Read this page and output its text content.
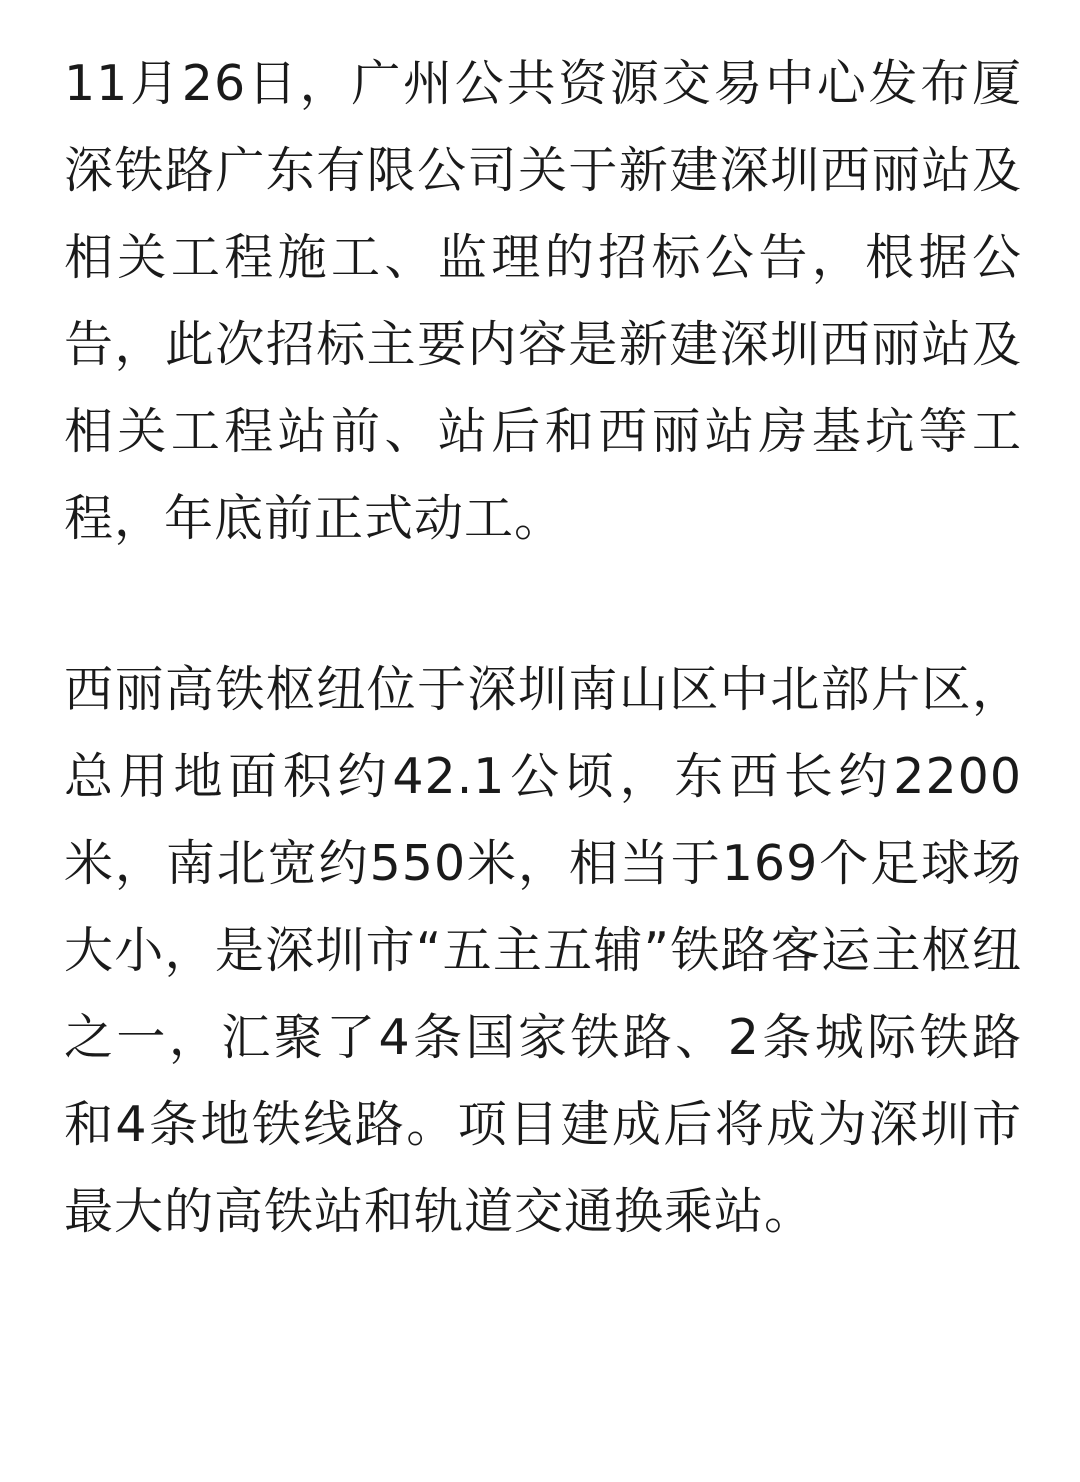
11月26日，广州公共资源交易中心发布厦深铁路广东有限公司关于新建深圳西丽站及相关工程施工、监理的招标公告，根据公告，此次招标主要内容是新建深圳西丽站及相关工程站前、站后和西丽站房基坑等工程，年底前正式动工。

西丽高铁枢纽位于深圳南山区中北部片区，总用地面积约42.1公顷，东西长约2200米，南北宽约550米，相当于169个足球场大小，是深圳市“五主五辅”铁路客运主枢纽之一，汇聚了4条国家铁路、2条城际铁路和4条地铁线路。项目建成后将成为深圳市最大的高铁站和轨道交通换乘站。
